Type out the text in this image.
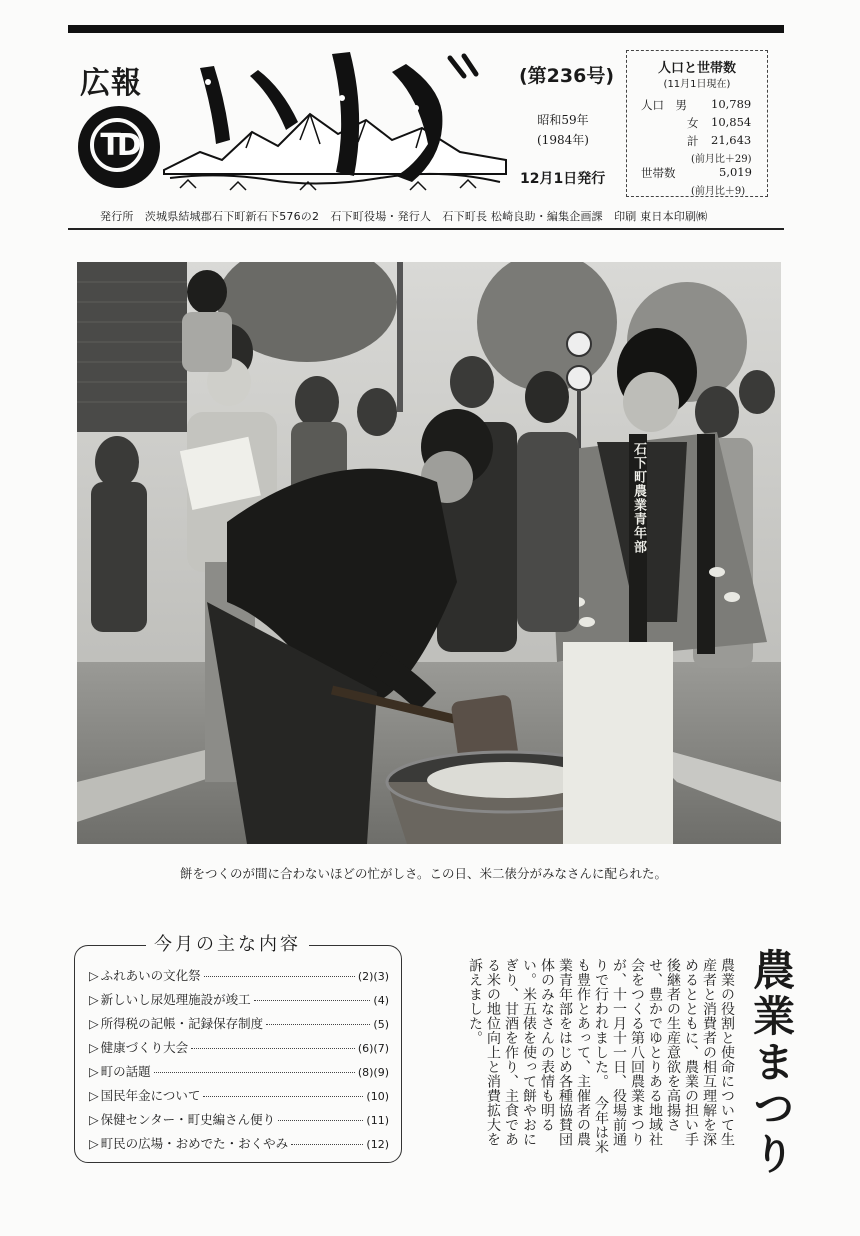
広報
TD
(第236号)
昭和59年
(1984年)
12月1日発行
人口と世帯数
(11月1日現在)
人口　男 10,789
女 10,854
計 21,643
(前月比＋29)
世帯数	5,019
(前月比＋9)
発行所　茨城県結城郡石下町新石下576の2　石下町役場・発行人　石下町長 松崎良助・編集企画課　印刷 東日本印刷㈱
石下町農業青年部
餅をつくのが間に合わないほどの忙がしさ。この日、米二俵分がみなさんに配られた。
▷ ふれあいの文化祭	(2)(3)
▷ 新しいし尿処理施設が竣工	(4)
▷ 所得税の記帳・記録保存制度	(5)
▷ 健康づくり大会	(6)(7)
▷ 町の話題	(8)(9)
▷ 国民年金について	(10)
▷ 保健センター・町史編さん便り	(11)
▷ 町民の広場・おめでた・おくやみ	(12)
今月の主な内容
農業まつり
農業の役割と使命について生産者と消費者の相互理解を深めるとともに、農業の担い手後継者の生産意欲を高揚させ、豊かでゆとりある地域社会をつくる第八回農業まつりが、十一月十一日、役場前通りで行われました。　今年は米も豊作とあって、主催者の農業青年部をはじめ各種協賛団体のみなさんの表情も明るい。米五俵を使って餅やおにぎり、甘酒を作り、主食である米の地位向上と消費拡大を訴えました。
